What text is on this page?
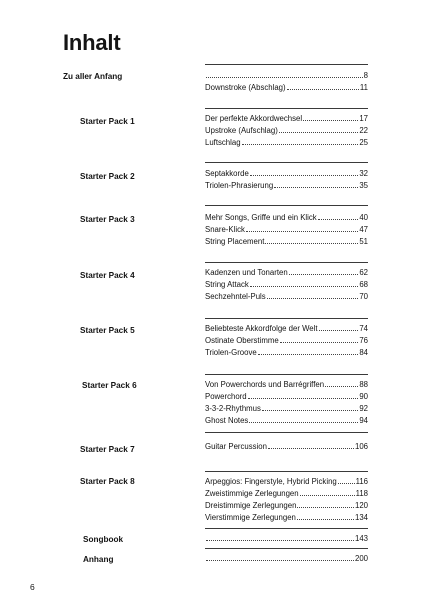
Inhalt
Zu aller Anfang	8
Downstroke (Abschlag)	11
Starter Pack 1	Der perfekte Akkordwechsel	17
Upstroke (Aufschlag)	22
Luftschlag	25
Starter Pack 2	Septakkorde	32
Triolen-Phrasierung	35
Starter Pack 3	Mehr Songs, Griffe und ein Klick	40
Snare-Klick	47
String Placement	51
Starter Pack 4	Kadenzen und Tonarten	62
String Attack	68
Sechzehntel-Puls	70
Starter Pack 5	Beliebteste Akkordfolge der Welt	74
Ostinate Oberstimme	76
Triolen-Groove	84
Starter Pack 6	Von Powerchords und Barrégriffen	88
Powerchord	90
3-3-2-Rhythmus	92
Ghost Notes	94
Starter Pack 7	Guitar Percussion	106
Starter Pack 8	Arpeggios: Fingerstyle, Hybrid Picking 116
Zweistimmige Zerlegungen	118
Dreistimmige Zerlegungen	120
Vierstimmige Zerlegungen	134
Songbook	143
Anhang	200
6
